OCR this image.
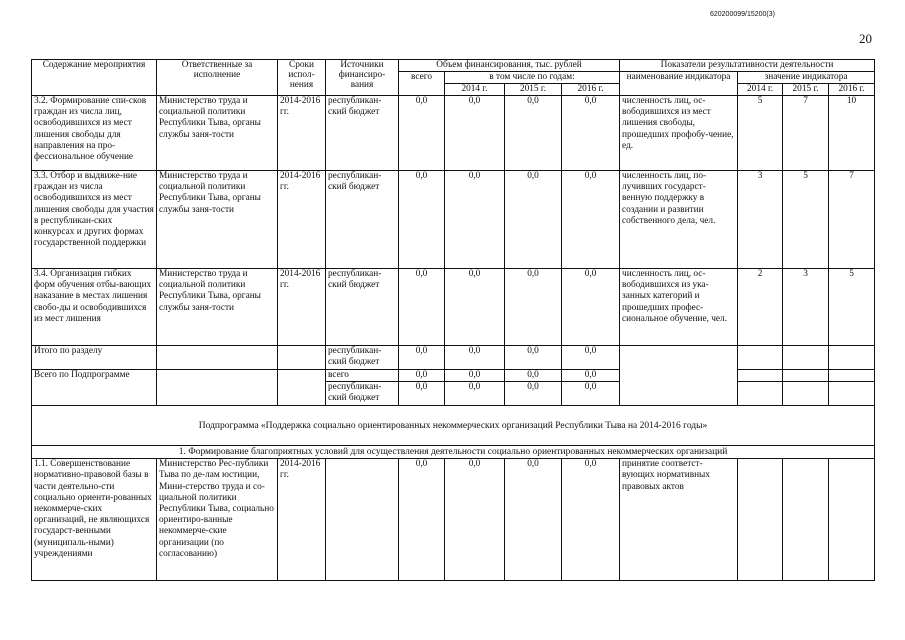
620200099/15200(3)
20
Содержание мероприятия	Ответственные за исполнение	Сроки испол-нения	Источники финансиро-вания	Объем финансирования, тыс. рублей				Показатели результативности деятельности			
				всего	в том числе по годам:			наименование индикатора	значение индикатора		
					2014 г.	2015 г.	2016 г.		2014 г.	2015 г.	2016 г.
3.2. Формирование спи-сков граждан из числа лиц, освободившихся из мест лишения свободы для направления на про-фессиональное обучение	Министерство труда и социальной политики Республики Тыва, органы службы заня-тости	2014-2016 гг.	республикан-ский бюджет	0,0	0,0	0,0	0,0	численность лиц, ос-вободившихся из мест лишения свободы, прошедших профобу-чение, ед.	5	7	10
3.3. Отбор и выдвиже-ние граждан из числа освободившихся из мест лишения свободы для участия в республикан-ских конкурсах и других формах государственной поддержки	Министерство труда и социальной политики Республики Тыва, органы службы заня-тости	2014-2016 гг.	республикан-ский бюджет	0,0	0,0	0,0	0,0	численность лиц, по-лучивших государст-венную поддержку в создании и развитии собственного дела, чел.	3	5	7
3.4. Организация гибких форм обучения отбы-вающих наказание в местах лишения свобо-ды и освободившихся из мест лишения	Министерство труда и социальной политики Республики Тыва, органы службы заня-тости	2014-2016 гг.	республикан-ский бюджет	0,0	0,0	0,0	0,0	численность лиц, ос-вободившихся из ука-занных категорий и прошедших профес-сиональное обучение, чел.	2	3	5
Итого по разделу			республикан-ский бюджет	0,0	0,0	0,0	0,0				
Всего по Подпрограмме			всего	0,0	0,0	0,0	0,0				
			республикан-ский бюджет	0,0	0,0	0,0	0,0				
Подпрограмма «Поддержка социально ориентированных некоммерческих организаций Республики Тыва на 2014-2016 годы»											
1. Формирование благоприятных условий для осуществления деятельности социально ориентированных некоммерческих организаций											
1.1. Совершенствование нормативно-правовой базы в части деятельно-сти социально ориенти-рованных некоммерче-ских организаций, не являющихся государст-венными (муниципаль-ными) учреждениями	Министерство Рес-публики Тыва по де-лам юстиции, Мини-стерство труда и со-циальной политики Республики Тыва, социально ориентиро-ванные некоммерче-ские организации (по согласованию)	2014-2016 гг.		0,0	0,0	0,0	0,0	принятие соответст-вующих нормативных правовых актов			
